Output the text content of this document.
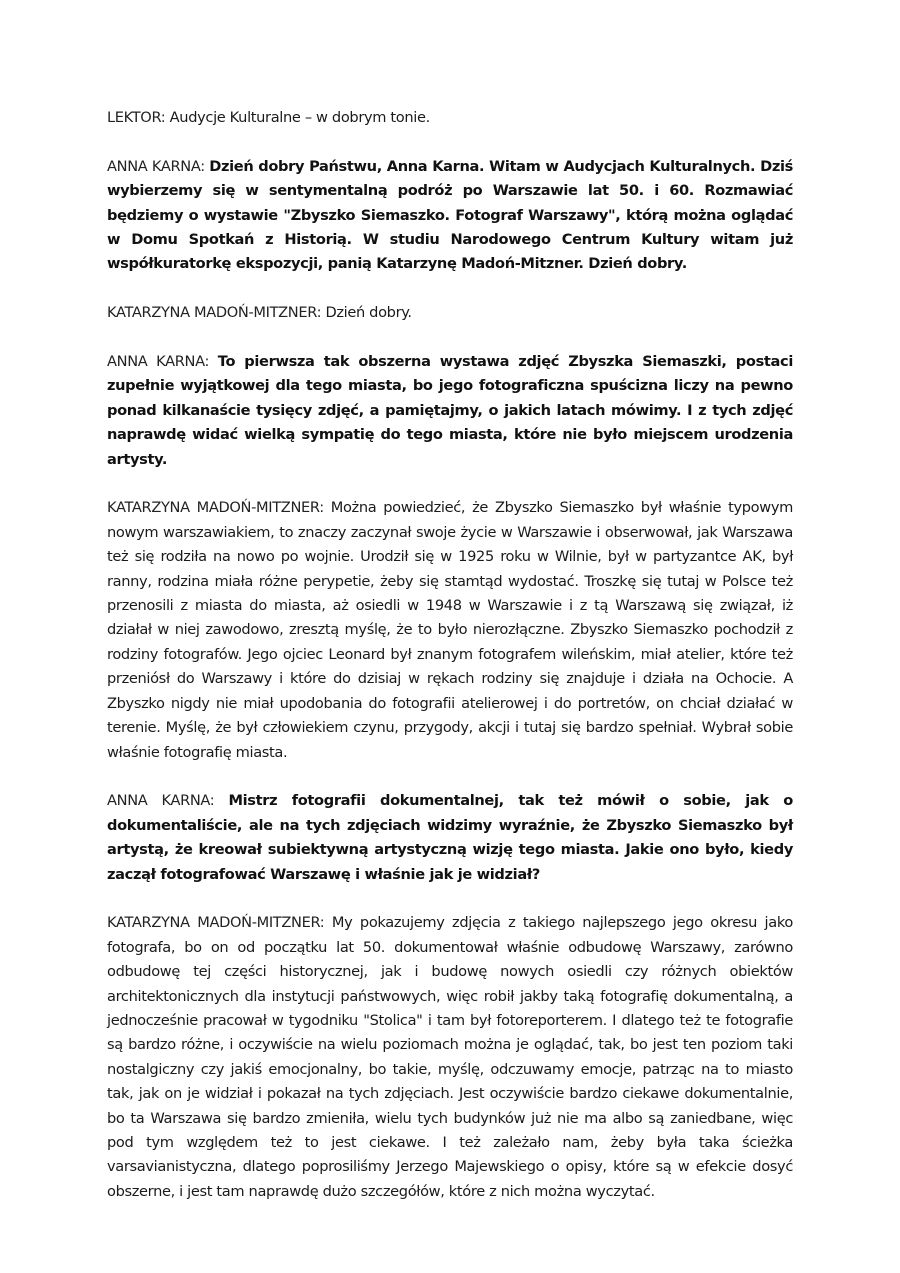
LEKTOR: Audycje Kulturalne – w dobrym tonie.

ANNA KARNA: Dzień dobry Państwu, Anna Karna. Witam w Audycjach Kulturalnych. Dziś wybierzemy się w sentymentalną podróż po Warszawie lat 50. i 60. Rozmawiać będziemy o wystawie "Zbyszko Siemaszko. Fotograf Warszawy", którą można oglądać w Domu Spotkań z Historią. W studiu Narodowego Centrum Kultury witam już współkuratorkę ekspozycji, panią Katarzynę Madoń-Mitzner. Dzień dobry.

KATARZYNA MADOŃ-MITZNER: Dzień dobry.

ANNA KARNA: To pierwsza tak obszerna wystawa zdjęć Zbyszka Siemaszki, postaci zupełnie wyjątkowej dla tego miasta, bo jego fotograficzna spuścizna liczy na pewno ponad kilkanaście tysięcy zdjęć, a pamiętajmy, o jakich latach mówimy. I z tych zdjęć naprawdę widać wielką sympatię do tego miasta, które nie było miejscem urodzenia artysty.

KATARZYNA MADOŃ-MITZNER: Można powiedzieć, że Zbyszko Siemaszko był właśnie typowym nowym warszawiakiem, to znaczy zaczynał swoje życie w Warszawie i obserwował, jak Warszawa też się rodziła na nowo po wojnie. Urodził się w 1925 roku w Wilnie, był w partyzantce AK, był ranny, rodzina miała różne perypetie, żeby się stamtąd wydostać. Troszkę się tutaj w Polsce też przenosili z miasta do miasta, aż osiedli w 1948 w Warszawie i z tą Warszawą się związał, iż działał w niej zawodowo, zresztą myślę, że to było nierozłączne. Zbyszko Siemaszko pochodził z rodziny fotografów. Jego ojciec Leonard był znanym fotografem wileńskim, miał atelier, które też przeniósł do Warszawy i które do dzisiaj w rękach rodziny się znajduje i działa na Ochocie. A Zbyszko nigdy nie miał upodobania do fotografii atelierowej i do portretów, on chciał działać w terenie. Myślę, że był człowiekiem czynu, przygody, akcji i tutaj się bardzo spełniał. Wybrał sobie właśnie fotografię miasta.

ANNA KARNA: Mistrz fotografii dokumentalnej, tak też mówił o sobie, jak o dokumentaliście, ale na tych zdjęciach widzimy wyraźnie, że Zbyszko Siemaszko był artystą, że kreował subiektywną artystyczną wizję tego miasta. Jakie ono było, kiedy zaczął fotografować Warszawę i właśnie jak je widział?

KATARZYNA MADOŃ-MITZNER: My pokazujemy zdjęcia z takiego najlepszego jego okresu jako fotografa, bo on od początku lat 50. dokumentował właśnie odbudowę Warszawy, zarówno odbudowę tej części historycznej, jak i budowę nowych osiedli czy różnych obiektów architektonicznych dla instytucji państwowych, więc robił jakby taką fotografię dokumentalną, a jednocześnie pracował w tygodniku "Stolica" i tam był fotoreporterem. I dlatego też te fotografie są bardzo różne, i oczywiście na wielu poziomach można je oglądać, tak, bo jest ten poziom taki nostalgiczny czy jakiś emocjonalny, bo takie, myślę, odczuwamy emocje, patrząc na to miasto tak, jak on je widział i pokazał na tych zdjęciach. Jest oczywiście bardzo ciekawe dokumentalnie, bo ta Warszawa się bardzo zmieniła, wielu tych budynków już nie ma albo są zaniedbane, więc pod tym względem też to jest ciekawe. I też zależało nam, żeby była taka ścieżka varsavianistyczna, dlatego poprosiliśmy Jerzego Majewskiego o opisy, które są w efekcie dosyć obszerne, i jest tam naprawdę dużo szczegółów, które z nich można wyczytać.
